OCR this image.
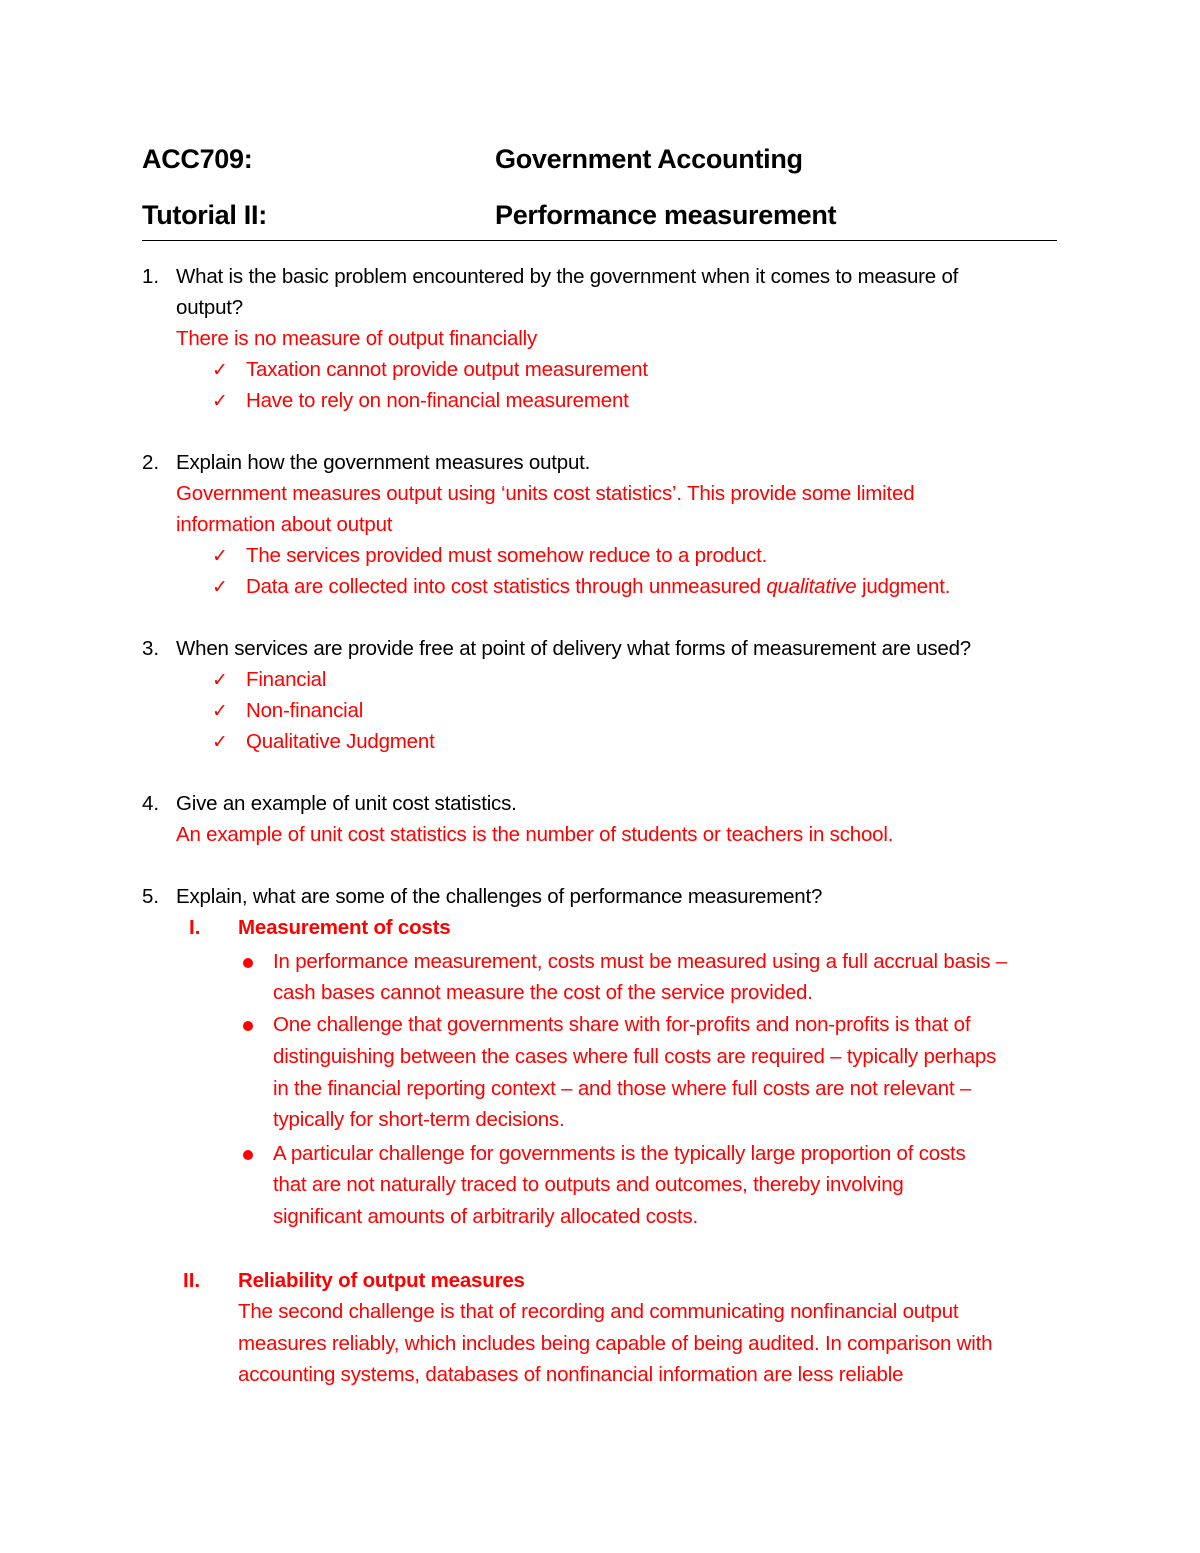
ACC709:	Government Accounting
Tutorial II:	Performance measurement
1. What is the basic problem encountered by the government when it comes to measure of
output?
There is no measure of output financially
✓ Taxation cannot provide output measurement
✓ Have to rely on non-financial measurement
2. Explain how the government measures output.
Government measures output using ‘units cost statistics’. This provide some limited
information about output
✓ The services provided must somehow reduce to a product.
✓ Data are collected into cost statistics through unmeasured qualitative judgment.
3. When services are provide free at point of delivery what forms of measurement are used?
✓ Financial
✓ Non-financial
✓ Qualitative Judgment
4. Give an example of unit cost statistics.
An example of unit cost statistics is the number of students or teachers in school.
5. Explain, what are some of the challenges of performance measurement?
I. Measurement of costs
In performance measurement, costs must be measured using a full accrual basis –
cash bases cannot measure the cost of the service provided.
One challenge that governments share with for-profits and non-profits is that of
distinguishing between the cases where full costs are required – typically perhaps
in the financial reporting context – and those where full costs are not relevant –
typically for short-term decisions.
A particular challenge for governments is the typically large proportion of costs
that are not naturally traced to outputs and outcomes, thereby involving
significant amounts of arbitrarily allocated costs.
II. Reliability of output measures
The second challenge is that of recording and communicating nonfinancial output
measures reliably, which includes being capable of being audited. In comparison with
accounting systems, databases of nonfinancial information are less reliable
